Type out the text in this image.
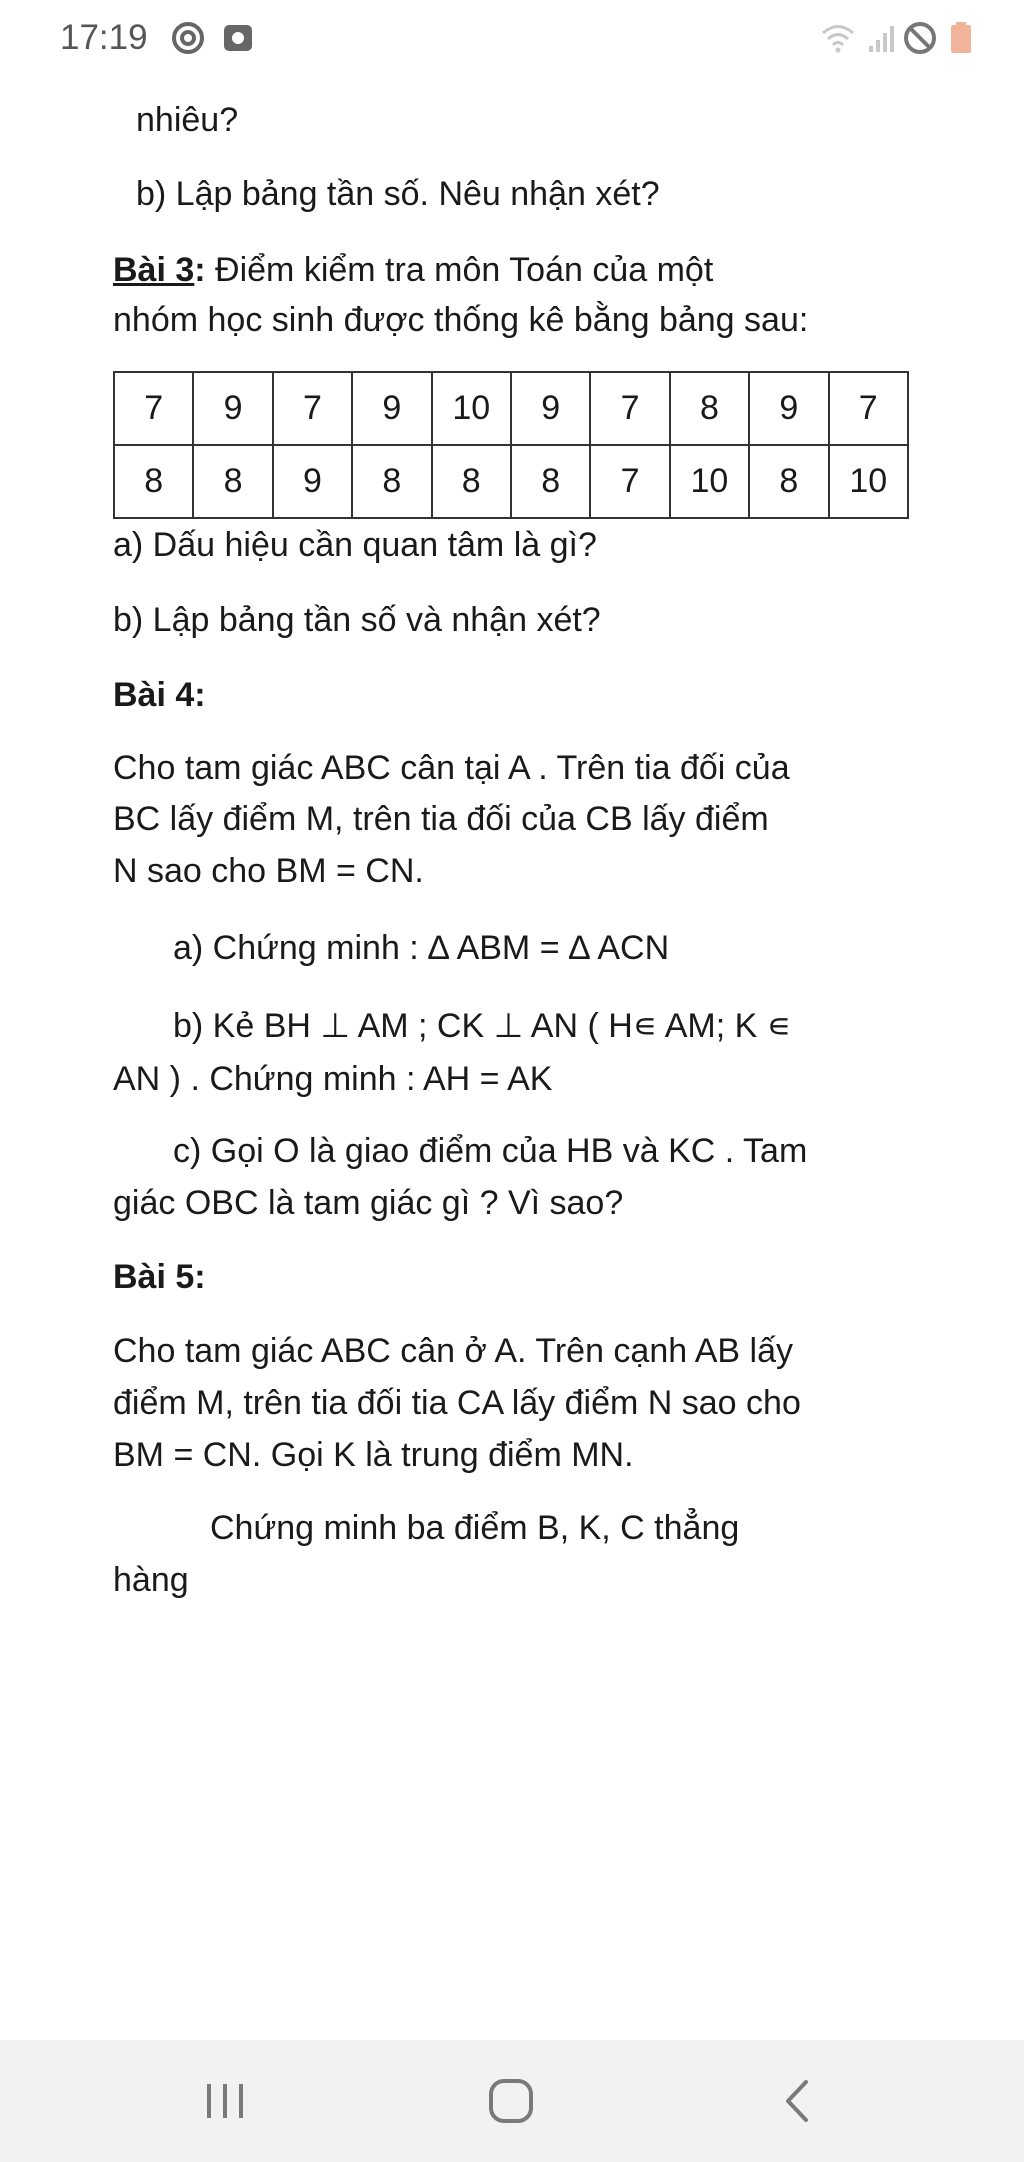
nhiêu?
b) Lập bảng tần số. Nêu nhận xét?
Bài 3: Điểm kiểm tra môn Toán của một
nhóm học sinh được thống kê bằng bảng sau:
7	9	7	9	10	9	7	8	9	7
8	8	9	8	8	8	7	10	8	10
a) Dấu hiệu cần quan tâm là gì?
b) Lập bảng tần số và nhận xét?
Bài 4:
Cho tam giác ABC cân tại A . Trên tia đối của
BC lấy điểm M, trên tia đối của CB lấy điểm
N sao cho BM = CN.
a) Chứng minh : ∆ ABM = ∆ ACN
b) Kẻ BH ⊥ AM ; CK ⊥ AN ( H∊ AM; K ∊
AN ) . Chứng minh : AH = AK
c) Gọi O là giao điểm của HB và KC . Tam
giác OBC là tam giác gì ? Vì sao?
Bài 5:
Cho tam giác ABC cân ở A. Trên cạnh AB lấy
điểm M, trên tia đối tia CA lấy điểm N sao cho
BM = CN. Gọi K là trung điểm MN.
Chứng minh ba điểm B, K, C thẳng
hàng
17:19
